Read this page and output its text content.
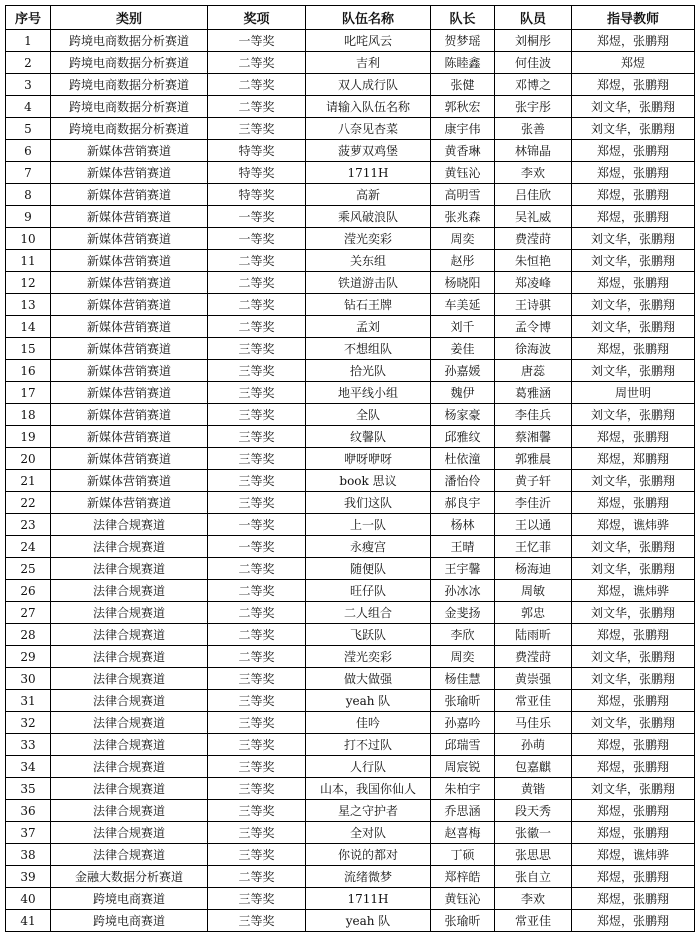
序号	类别	奖项	队伍名称	队长	队员	指导教师
1	跨境电商数据分析赛道	一等奖	叱咤风云	贺梦瑶	刘桐彤	郑煜，张鹏翔
2	跨境电商数据分析赛道	二等奖	吉利	陈睦鑫	何佳波	郑煜
3	跨境电商数据分析赛道	二等奖	双人成行队	张健	邓博之	郑煜，张鹏翔
4	跨境电商数据分析赛道	二等奖	请输入队伍名称	郭秋宏	张宇彤	刘文华，张鹏翔
5	跨境电商数据分析赛道	三等奖	八奈见杏菜	康宇伟	张善	刘文华，张鹏翔
6	新媒体营销赛道	特等奖	菠萝双鸡堡	黄香琳	林锦晶	郑煜，张鹏翔
7	新媒体营销赛道	特等奖	1711H	黄钰沁	李欢	郑煜，张鹏翔
8	新媒体营销赛道	特等奖	高新	高明雪	吕佳欣	郑煜，张鹏翔
9	新媒体营销赛道	一等奖	乘风破浪队	张兆森	吴礼威	郑煜，张鹏翔
10	新媒体营销赛道	一等奖	滢光奕彩	周奕	费滢莳	刘文华，张鹏翔
11	新媒体营销赛道	二等奖	关东组	赵彤	朱恒艳	刘文华，张鹏翔
12	新媒体营销赛道	二等奖	铁道游击队	杨晓阳	郑凌峰	郑煜，张鹏翔
13	新媒体营销赛道	二等奖	钻石王牌	车美延	王诗骐	刘文华，张鹏翔
14	新媒体营销赛道	二等奖	孟刘	刘千	孟令博	刘文华，张鹏翔
15	新媒体营销赛道	三等奖	不想组队	姜佳	徐海波	郑煜，张鹏翔
16	新媒体营销赛道	三等奖	拾光队	孙嘉媛	唐蕊	刘文华，张鹏翔
17	新媒体营销赛道	三等奖	地平线小组	魏伊	葛雅涵	周世明
18	新媒体营销赛道	三等奖	全队	杨家豪	李佳兵	刘文华，张鹏翔
19	新媒体营销赛道	三等奖	纹馨队	邱雅纹	蔡湘馨	郑煜，张鹏翔
20	新媒体营销赛道	三等奖	咿呀咿呀	杜依潼	郭雅晨	郑煜，郑鹏翔
21	新媒体营销赛道	三等奖	book 思议	潘怡伶	黄子轩	刘文华，张鹏翔
22	新媒体营销赛道	三等奖	我们这队	郝良宇	李佳沂	郑煜，张鹏翔
23	法律合规赛道	一等奖	上一队	杨林	王以通	郑煜，谯炜骅
24	法律合规赛道	一等奖	永瘦宫	王晴	王忆菲	刘文华，张鹏翔
25	法律合规赛道	二等奖	随便队	王宇馨	杨海迪	刘文华，张鹏翔
26	法律合规赛道	二等奖	旺仔队	孙冰冰	周敏	郑煜，谯炜骅
27	法律合规赛道	二等奖	二人组合	金斐扬	郭忠	刘文华，张鹏翔
28	法律合规赛道	二等奖	飞跃队	李欣	陆雨昕	郑煜，张鹏翔
29	法律合规赛道	二等奖	滢光奕彩	周奕	费滢莳	刘文华，张鹏翔
30	法律合规赛道	三等奖	做大做强	杨佳慧	黄崇强	刘文华，张鹏翔
31	法律合规赛道	三等奖	yeah 队	张瑜昕	常亚佳	郑煜，张鹏翔
32	法律合规赛道	三等奖	佳吟	孙嘉吟	马佳乐	刘文华，张鹏翔
33	法律合规赛道	三等奖	打不过队	邱瑞雪	孙萌	郑煜，张鹏翔
34	法律合规赛道	三等奖	人行队	周宸锐	包嘉麒	郑煜，张鹏翔
35	法律合规赛道	三等奖	山本，我国你仙人	朱柏宇	黄锴	刘文华，张鹏翔
36	法律合规赛道	三等奖	星之守护者	乔思涵	段天秀	郑煜，张鹏翔
37	法律合规赛道	三等奖	全对队	赵喜梅	张徽一	郑煜，张鹏翔
38	法律合规赛道	三等奖	你说的都对	丁硕	张思思	郑煜，谯炜骅
39	金融大数据分析赛道	二等奖	流绪微梦	郑梓皓	张自立	郑煜，张鹏翔
40	跨境电商赛道	三等奖	1711H	黄钰沁	李欢	郑煜，张鹏翔
41	跨境电商赛道	三等奖	yeah 队	张瑜昕	常亚佳	郑煜，张鹏翔
